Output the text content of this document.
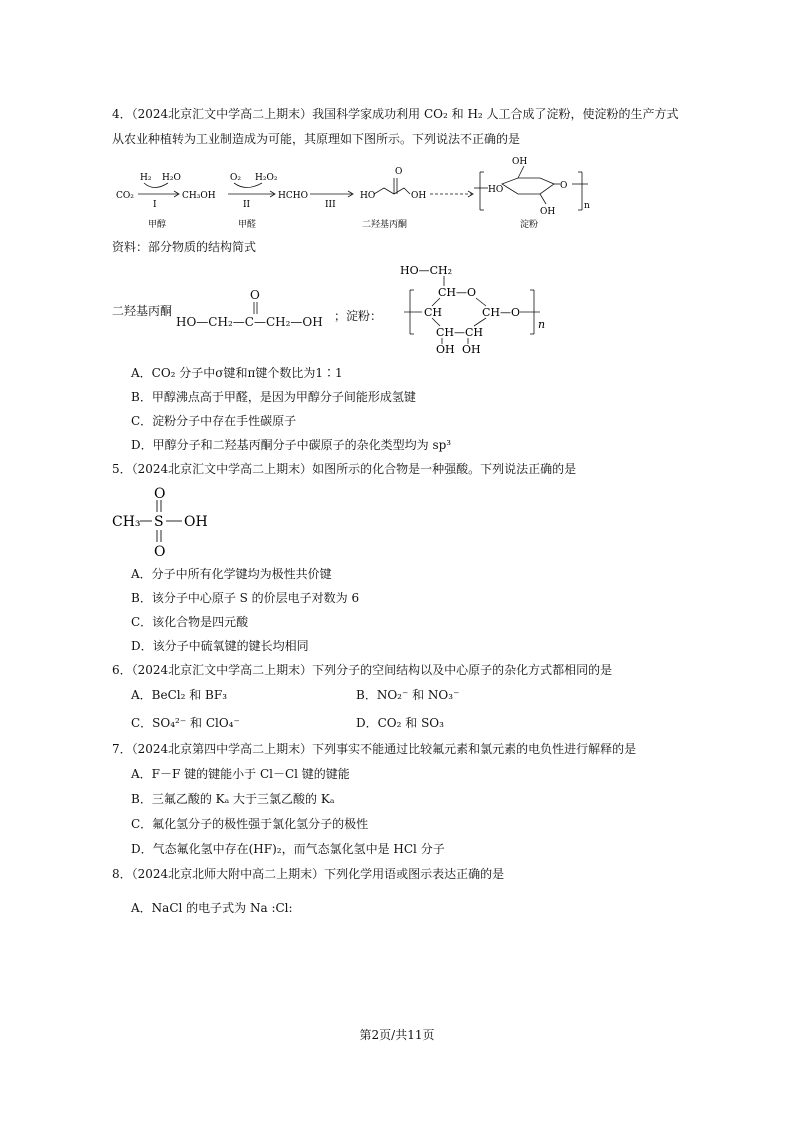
4．（2024北京汇文中学高二上期末）我国科学家成功利用 CO₂ 和 H₂ 人工合成了淀粉，使淀粉的生产方式
从农业种植转为工业制造成为可能，其原理如下图所示。下列说法不正确的是
CO₂
H₂ H₂O
I
CH₃OH
O₂ H₂O₂
II
HCHO
III
HO
O
OH
OH
HO
OH
O
n
甲醇	甲醛	二羟基丙酮	淀粉
资料：部分物质的结构简式
二羟基丙酮
O
HO—CH₂—C—CH₂—OH ；淀粉：
HO—CH₂
CH—O
CH	CH—O
CH—CH
OH OH
n
A．CO₂ 分子中σ键和π键个数比为1∶1
B．甲醇沸点高于甲醛，是因为甲醇分子间能形成氢键
C．淀粉分子中存在手性碳原子
D．甲醇分子和二羟基丙酮分子中碳原子的杂化类型均为 sp³
5．（2024北京汇文中学高二上期末）如图所示的化合物是一种强酸。下列说法正确的是
O
CH₃ S OH
O
A．分子中所有化学键均为极性共价键
B．该分子中心原子 S 的价层电子对数为 6
C．该化合物是四元酸
D．该分子中硫氧键的键长均相同
6．（2024北京汇文中学高二上期末）下列分子的空间结构以及中心原子的杂化方式都相同的是
A．BeCl₂ 和 BF₃	B．NO₂⁻ 和 NO₃⁻
C．SO₄²⁻ 和 ClO₄⁻	D．CO₂ 和 SO₃
7．（2024北京第四中学高二上期末）下列事实不能通过比较氟元素和氯元素的电负性进行解释的是
A．F－F 键的键能小于 Cl－Cl 键的键能
B．三氟乙酸的 Kₐ 大于三氯乙酸的 Kₐ
C．氟化氢分子的极性强于氯化氢分子的极性
D．气态氟化氢中存在(HF)₂，而气态氯化氢中是 HCl 分子
8．（2024北京北师大附中高二上期末）下列化学用语或图示表达正确的是
A．NaCl 的电子式为 Na :Cl:
第2页/共11页
